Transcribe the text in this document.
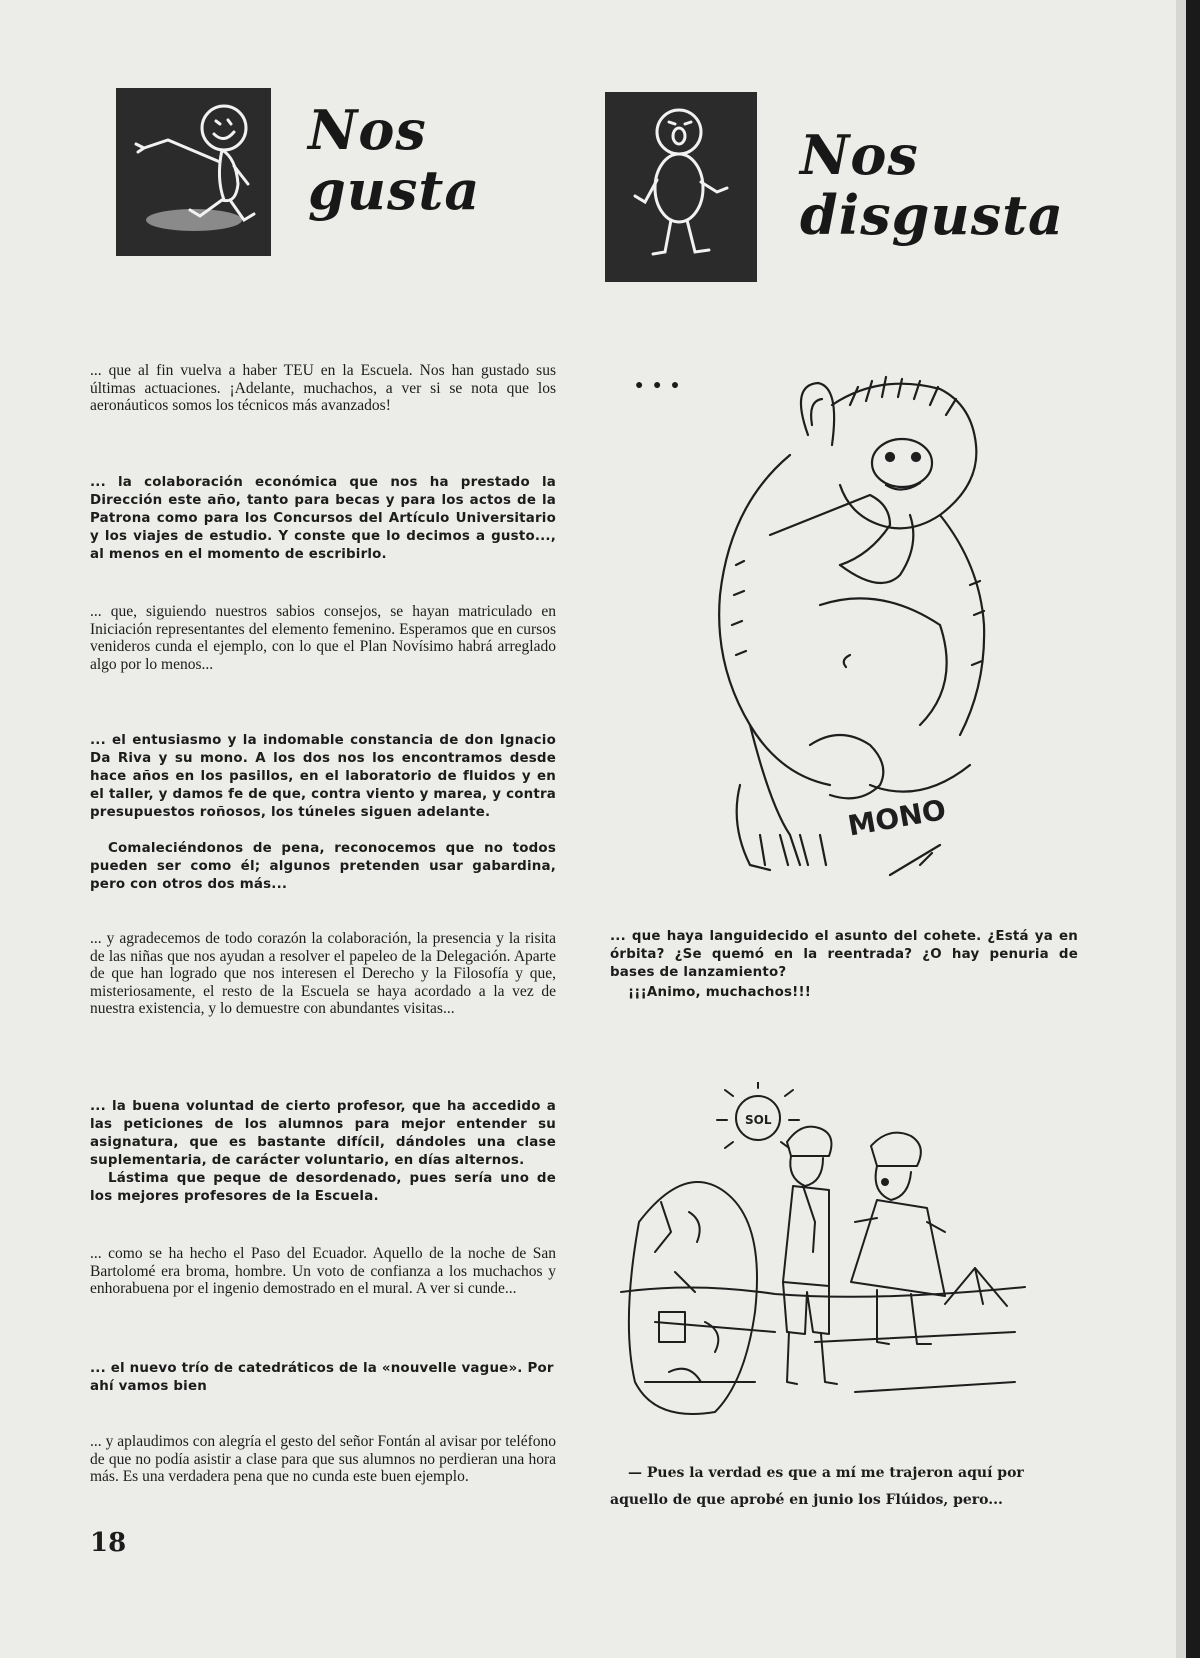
Nos
gusta
Nos
disgusta

... que al fin vuelva a haber TEU en la Escuela. Nos han gustado sus últimas actuaciones. ¡Adelante, muchachos, a ver si se nota que los aeronáuticos somos los técnicos más avanzados!

... la colaboración económica que nos ha prestado la Dirección este año, tanto para becas y para los actos de la Patrona como para los Concursos del Artículo Universitario y los viajes de estudio. Y conste que lo decimos a gusto..., al menos en el momento de escribirlo.

... que, siguiendo nuestros sabios consejos, se hayan matriculado en Iniciación representantes del elemento femenino. Esperamos que en cursos venideros cunda el ejemplo, con lo que el Plan Novísimo habrá arreglado algo por lo menos...

... el entusiasmo y la indomable constancia de don Ignacio Da Riva y su mono. A los dos nos los encontramos desde hace años en los pasillos, en el laboratorio de fluidos y en el taller, y damos fe de que, contra viento y marea, y contra presupuestos roñosos, los túneles siguen adelante.

Comaleciéndonos de pena, reconocemos que no todos pueden ser como él; algunos pretenden usar gabardina, pero con otros dos más...

... y agradecemos de todo corazón la colaboración, la presencia y la risita de las niñas que nos ayudan a resolver el papeleo de la Delegación. Aparte de que han logrado que nos interesen el Derecho y la Filosofía y que, misteriosamente, el resto de la Escuela se haya acordado a la vez de nuestra existencia, y lo demuestre con abundantes visitas...

... la buena voluntad de cierto profesor, que ha accedido a las peticiones de los alumnos para mejor entender su asignatura, que es bastante difícil, dándoles una clase suplementaria, de carácter voluntario, en días alternos.

Lástima que peque de desordenado, pues sería uno de los mejores profesores de la Escuela.

... como se ha hecho el Paso del Ecuador. Aquello de la noche de San Bartolomé era broma, hombre. Un voto de confianza a los muchachos y enhorabuena por el ingenio demostrado en el mural. A ver si cunde...

... el nuevo trío de catedráticos de la «nouvelle vague». Por ahí vamos bien

... y aplaudimos con alegría el gesto del señor Fontán al avisar por teléfono de que no podía asistir a clase para que sus alumnos no perdieran una hora más. Es una verdadera pena que no cunda este buen ejemplo.

● ● ●
MONO

... que haya languidecido el asunto del cohete. ¿Está ya en órbita? ¿Se quemó en la reentrada? ¿O hay penuria de bases de lanzamiento?

¡¡¡Animo, muchachos!!!

SOL

— Pues la verdad es que a mí me trajeron aquí por aquello de que aprobé en junio los Flúidos, pero...

18
